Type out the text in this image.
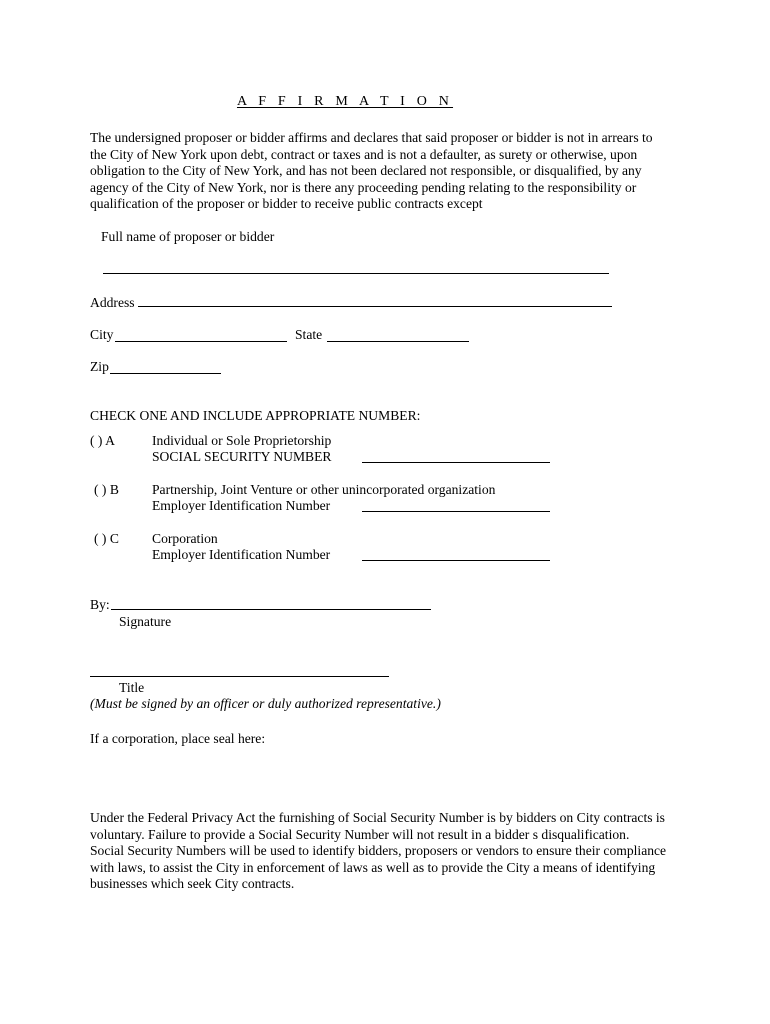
A F F I R M A T I O N
The undersigned proposer or bidder affirms and declares that said proposer or bidder is not in arrears to
the City of New York upon debt, contract or taxes and is not a defaulter, as surety or otherwise, upon
obligation to the City of New York, and has not been declared not responsible, or disqualified, by any
agency of the City of New York, nor is there any proceeding pending relating to the responsibility or
qualification of the proposer or bidder to receive public contracts except
Full name of proposer or bidder
Address
City	State
Zip
CHECK ONE AND INCLUDE APPROPRIATE NUMBER:
( ) A	Individual or Sole Proprietorship
SOCIAL SECURITY NUMBER
( ) B Partnership, Joint Venture or other unincorporated organization
Employer Identification Number
( ) C Corporation
Employer Identification Number
By:
Signature
Title
(Must be signed by an officer or duly authorized representative.)
If a corporation, place seal here:
Under the Federal Privacy Act the furnishing of Social Security Number is by bidders on City contracts is
voluntary. Failure to provide a Social Security Number will not result in a bidder s disqualification.
Social Security Numbers will be used to identify bidders, proposers or vendors to ensure their compliance
with laws, to assist the City in enforcement of laws as well as to provide the City a means of identifying
businesses which seek City contracts.
